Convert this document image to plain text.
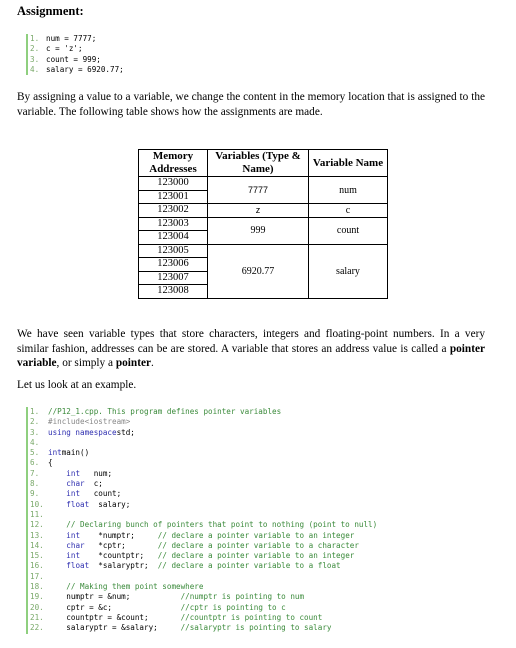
Assignment:
1. num = 7777;
2. c = 'z';
3. count = 999;
4. salary = 6920.77;
By assigning a value to a variable, we change the content in the memory location that is assigned to the variable. The following table shows how the assignments are made.
Memory Addresses	Variables (Type & Name)	Variable Name
123000	7777	num
123001		
123002	z	c
123003	999	count
123004		
123005	6920.77	salary
123006		
123007		
123008		
We have seen variable types that store characters, integers and floating-point numbers. In a very similar fashion, addresses can be are stored. A variable that stores an address value is called a pointer variable, or simply a pointer.
Let us look at an example.
1. //P12_1.cpp. This program defines pointer variables
2. #include<iostream>
3. using namespacestd;
4.
5. intmain()
6. {
7.	int   num;
8.	char  c;
9.	int   count;
10.	float  salary;
11.
12.	// Declaring bunch of pointers that point to nothing (point to null)
13.	int    *numptr;     // declare a pointer variable to an integer
14.	char   *cptr;       // declare a pointer variable to a character
15.	int    *countptr;   // declare a pointer variable to an integer
16.	float  *salaryptr;  // declare a pointer variable to a float
17.
18.	// Making them point somewhere
19.    numptr = &num;           //numptr is pointing to num
20.    cptr = &c;               //cptr is pointing to c
21.    countptr = &count;       //countptr is pointing to count
22.    salaryptr = &salary;     //salaryptr is pointing to salary
